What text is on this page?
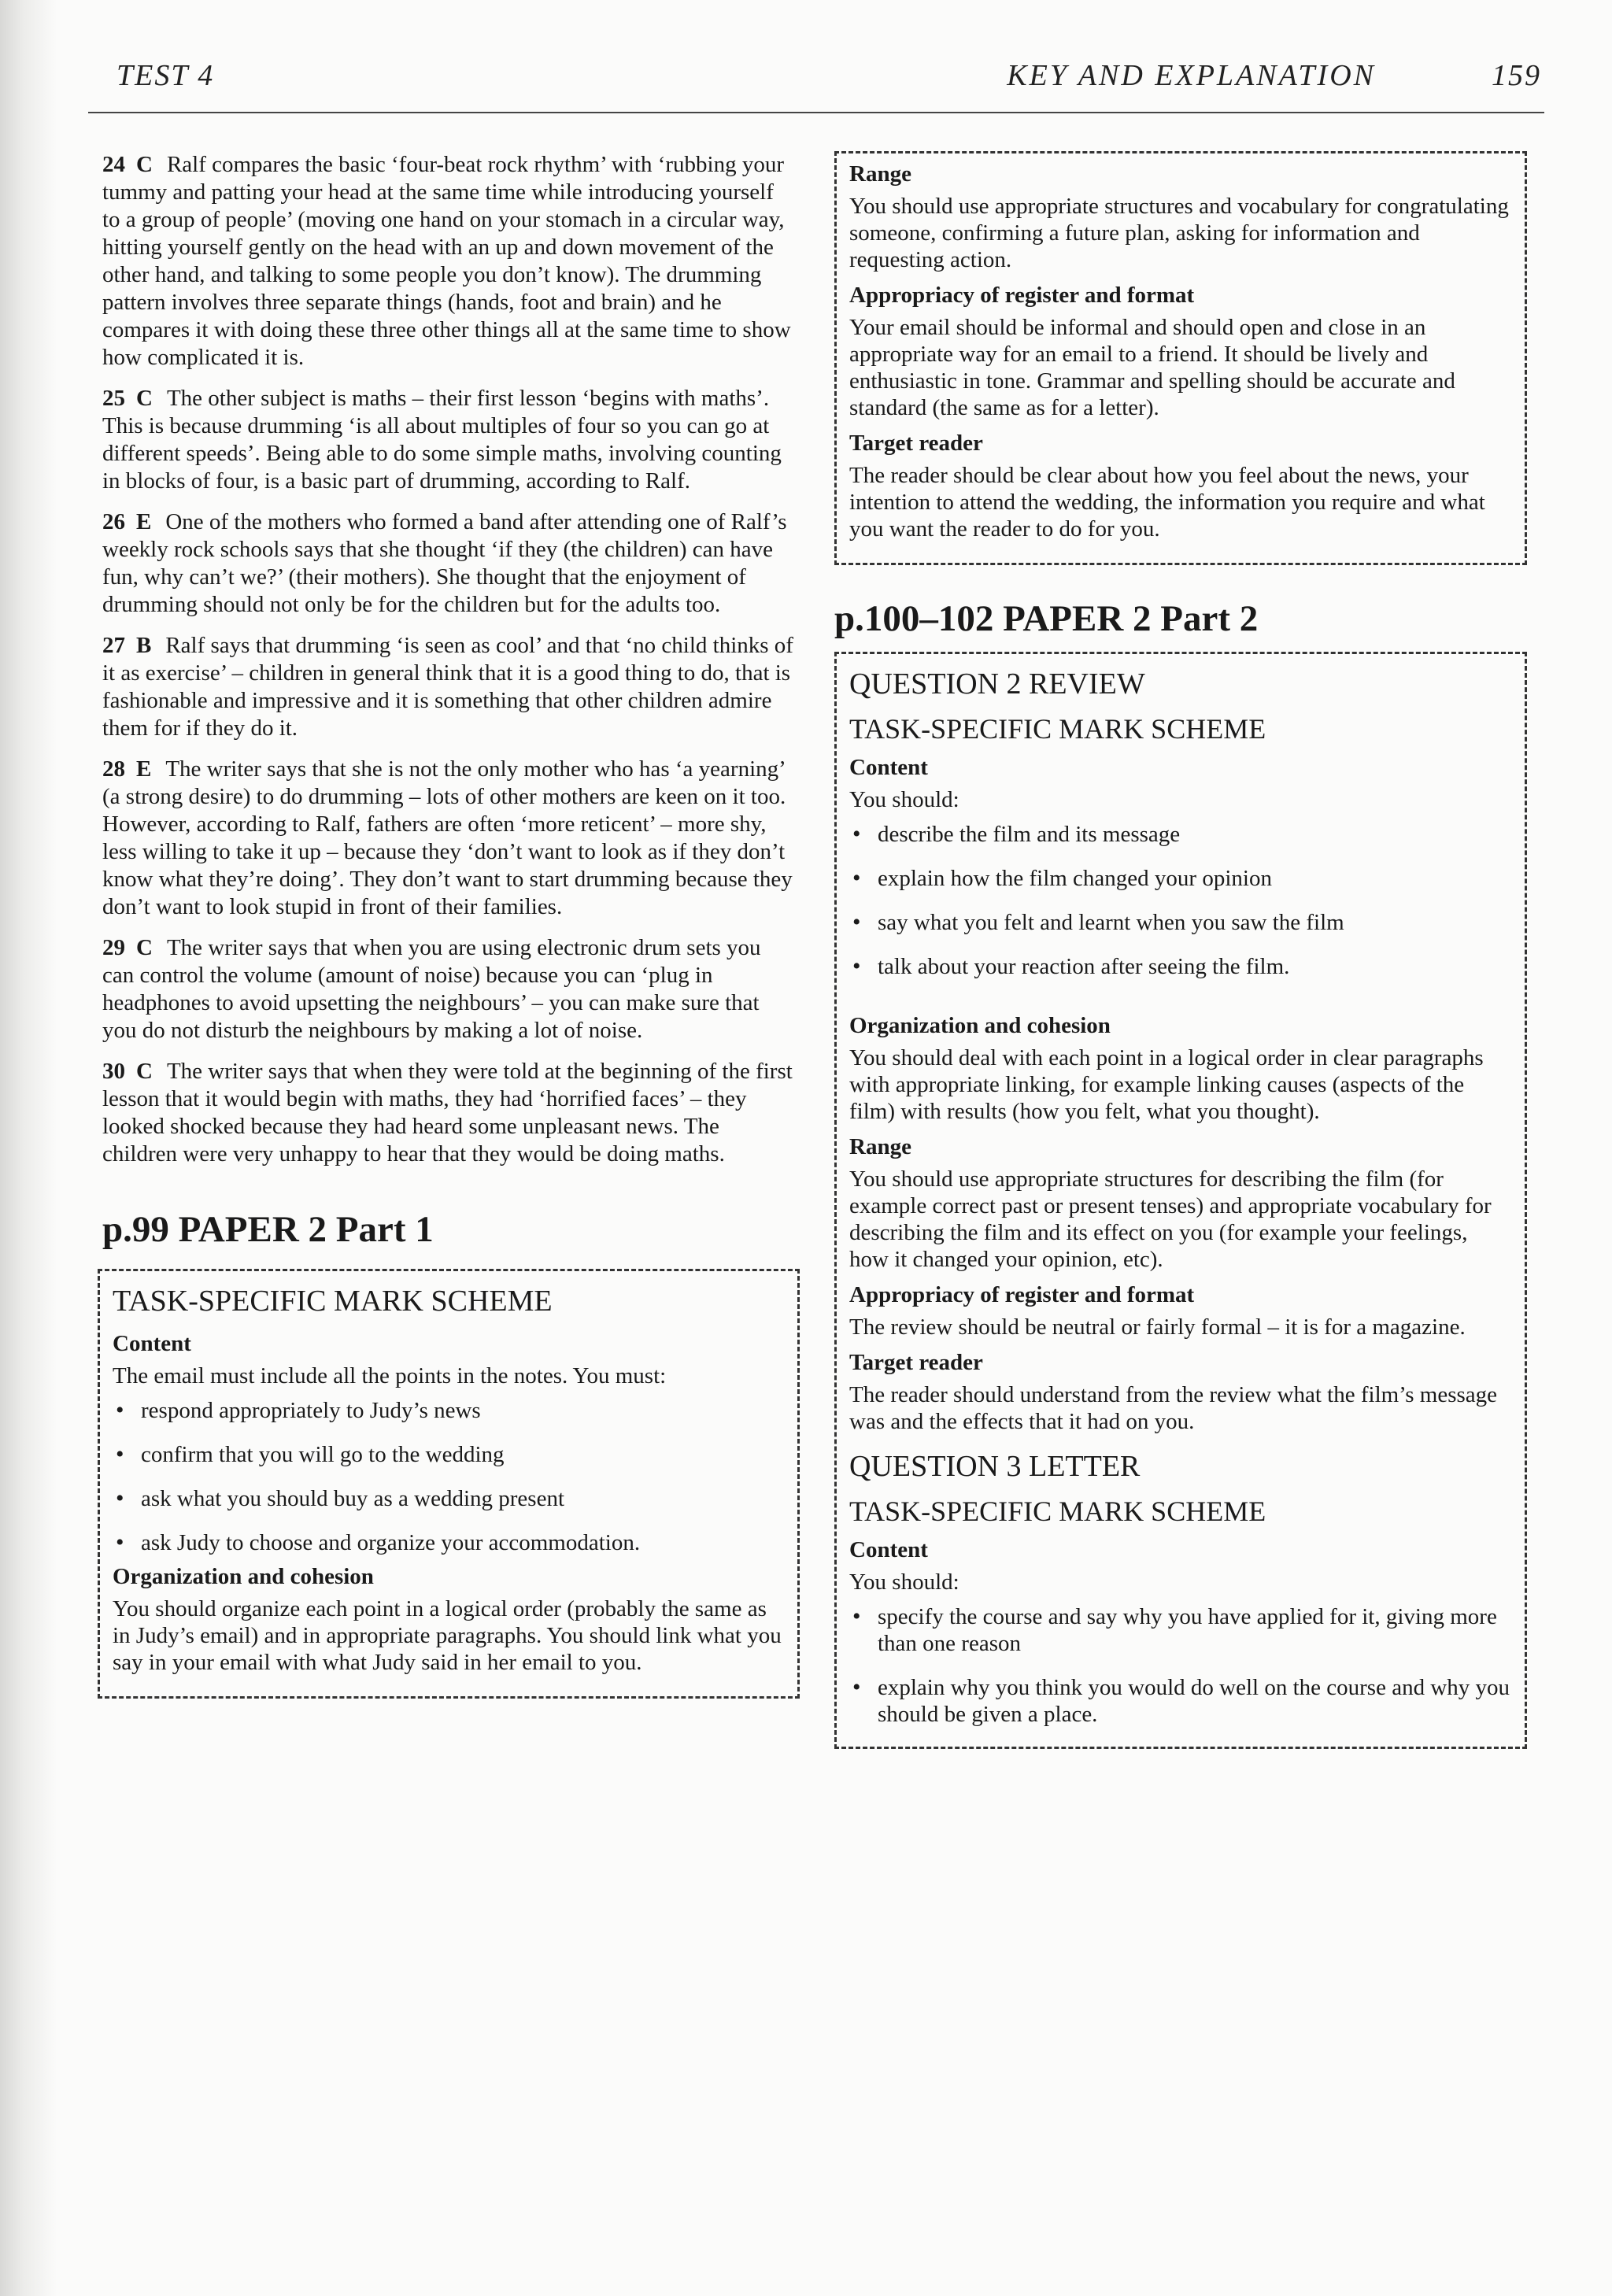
TEST 4	KEY AND EXPLANATION	159

24 C Ralf compares the basic ‘four-beat rock rhythm’ with ‘rubbing your tummy and patting your head at the same time while introducing yourself to a group of people’ (moving one hand on your stomach in a circular way, hitting yourself gently on the head with an up and down movement of the other hand, and talking to some people you don’t know). The drumming pattern involves three separate things (hands, foot and brain) and he compares it with doing these three other things all at the same time to show how complicated it is.

25 C The other subject is maths – their first lesson ‘begins with maths’. This is because drumming ‘is all about multiples of four so you can go at different speeds’. Being able to do some simple maths, involving counting in blocks of four, is a basic part of drumming, according to Ralf.

26 E One of the mothers who formed a band after attending one of Ralf’s weekly rock schools says that she thought ‘if they (the children) can have fun, why can’t we?’ (their mothers). She thought that the enjoyment of drumming should not only be for the children but for the adults too.

27 B Ralf says that drumming ‘is seen as cool’ and that ‘no child thinks of it as exercise’ – children in general think that it is a good thing to do, that is fashionable and impressive and it is something that other children admire them for if they do it.

28 E The writer says that she is not the only mother who has ‘a yearning’ (a strong desire) to do drumming – lots of other mothers are keen on it too. However, according to Ralf, fathers are often ‘more reticent’ – more shy, less willing to take it up – because they ‘don’t want to look as if they don’t know what they’re doing’. They don’t want to start drumming because they don’t want to look stupid in front of their families.

29 C The writer says that when you are using electronic drum sets you can control the volume (amount of noise) because you can ‘plug in headphones to avoid upsetting the neighbours’ – you can make sure that you do not disturb the neighbours by making a lot of noise.

30 C The writer says that when they were told at the beginning of the first lesson that it would begin with maths, they had ‘horrified faces’ – they looked shocked because they had heard some unpleasant news. The children were very unhappy to hear that they would be doing maths.

p.99 PAPER 2 Part 1
TASK-SPECIFIC MARK SCHEME
Content
The email must include all the points in the notes. You must:
• respond appropriately to Judy’s news
• confirm that you will go to the wedding
• ask what you should buy as a wedding present
• ask Judy to choose and organize your accommodation.
Organization and cohesion
You should organize each point in a logical order (probably the same as in Judy’s email) and in appropriate paragraphs. You should link what you say in your email with what Judy said in her email to you.
Range
You should use appropriate structures and vocabulary for congratulating someone, confirming a future plan, asking for information and requesting action.
Appropriacy of register and format
Your email should be informal and should open and close in an appropriate way for an email to a friend. It should be lively and enthusiastic in tone. Grammar and spelling should be accurate and standard (the same as for a letter).
Target reader
The reader should be clear about how you feel about the news, your intention to attend the wedding, the information you require and what you want the reader to do for you.
p.100–102 PAPER 2 Part 2
QUESTION 2 REVIEW
TASK-SPECIFIC MARK SCHEME
Content
You should:
• describe the film and its message
• explain how the film changed your opinion
• say what you felt and learnt when you saw the film
• talk about your reaction after seeing the film.
Organization and cohesion
You should deal with each point in a logical order in clear paragraphs with appropriate linking, for example linking causes (aspects of the film) with results (how you felt, what you thought).
Range
You should use appropriate structures for describing the film (for example correct past or present tenses) and appropriate vocabulary for describing the film and its effect on you (for example your feelings, how it changed your opinion, etc).
Appropriacy of register and format
The review should be neutral or fairly formal – it is for a magazine.
Target reader
The reader should understand from the review what the film’s message was and the effects that it had on you.
QUESTION 3 LETTER
TASK-SPECIFIC MARK SCHEME
Content
You should:
• specify the course and say why you have applied for it, giving more than one reason
• explain why you think you would do well on the course and why you should be given a place.
